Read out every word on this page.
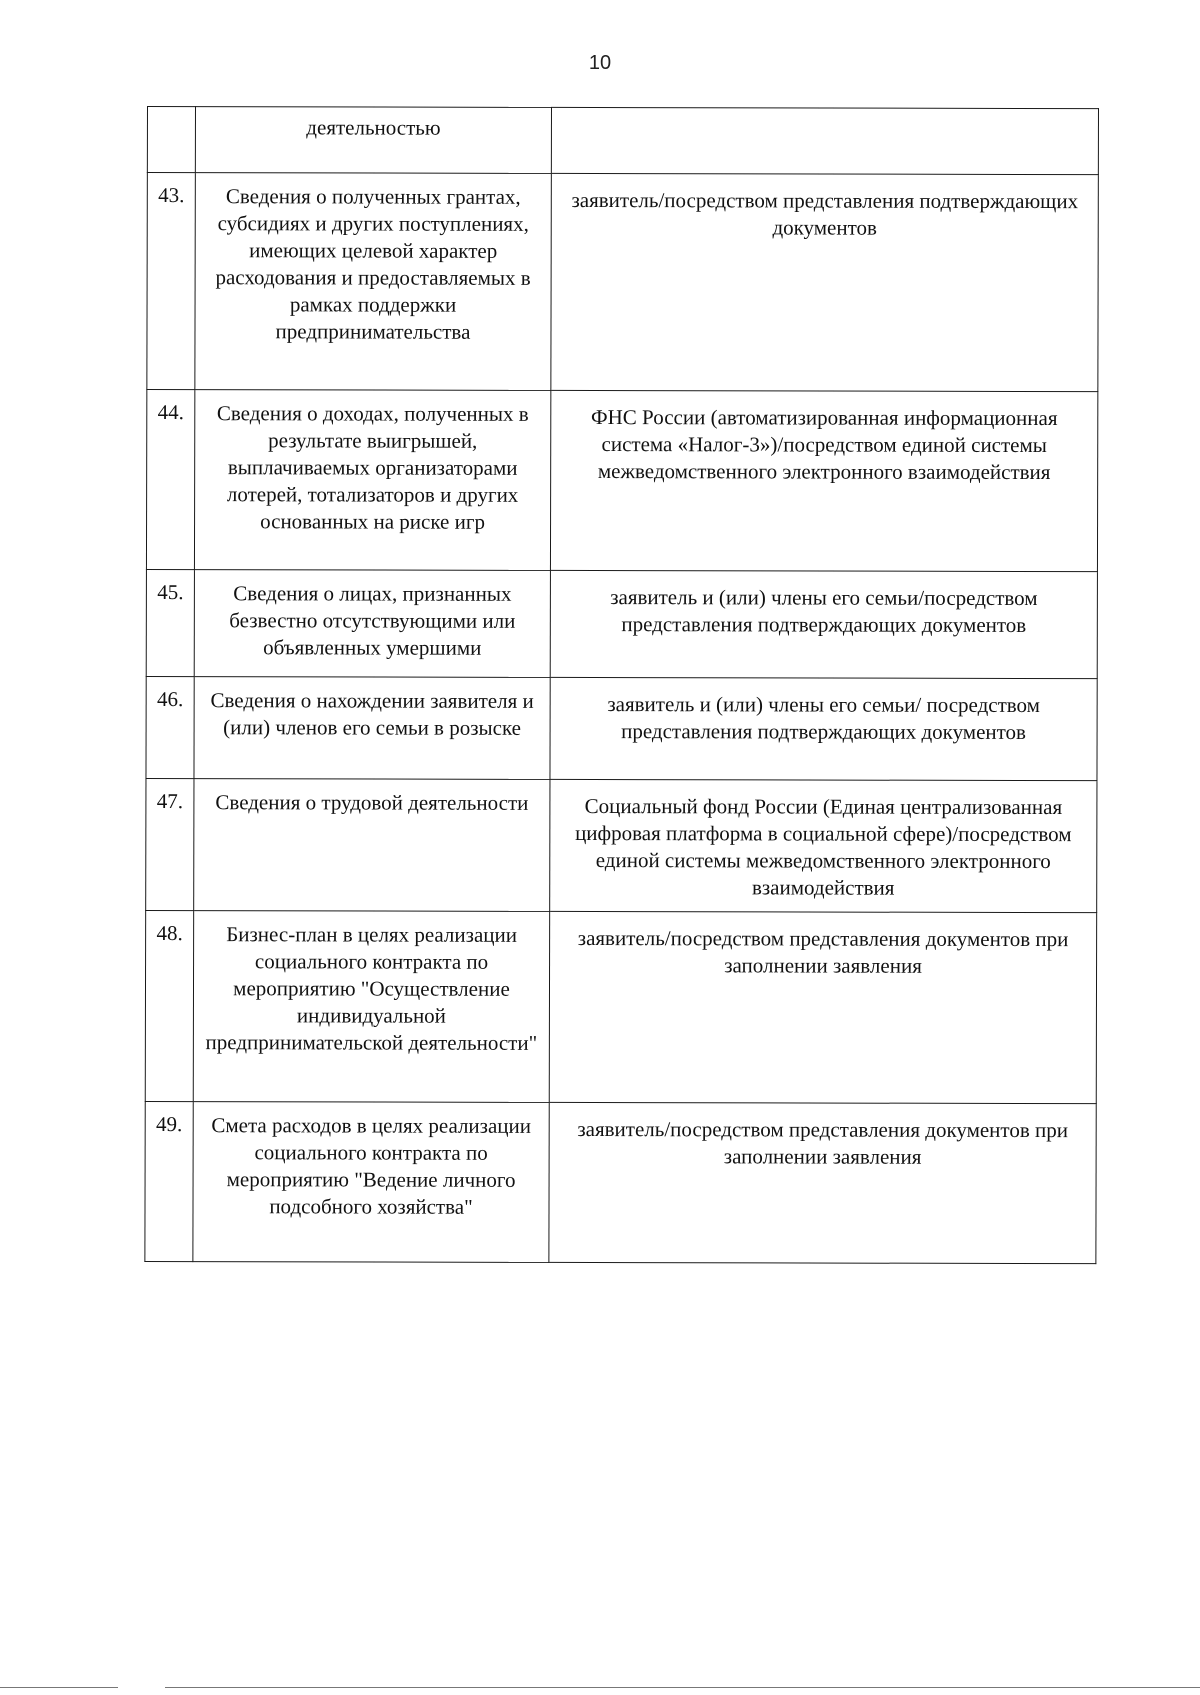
10
	деятельностью	
43.	Сведения о полученных грантах, субсидиях и других поступлениях, имеющих целевой характер расходования и предоставляемых в рамках поддержки предпринимательства	заявитель/посредством представления подтверждающих документов
44.	Сведения о доходах, полученных в результате выигрышей, выплачиваемых организаторами лотерей, тотализаторов и других основанных на риске игр	ФНС России (автоматизированная информационная система «Налог-3»)/посредством единой системы межведомственного электронного взаимодействия
45.	Сведения о лицах, признанных безвестно отсутствующими или объявленных умершими	заявитель и (или) члены его семьи/посредством представления подтверждающих документов
46.	Сведения о нахождении заявителя и (или) членов его семьи в розыске	заявитель и (или) члены его семьи/ посредством представления подтверждающих документов
47.	Сведения о трудовой деятельности	Социальный фонд России (Единая централизованная цифровая платформа в социальной сфере)/посредством единой системы межведомственного электронного взаимодействия
48.	Бизнес-план в целях реализации социального контракта по мероприятию "Осуществление индивидуальной предпринимательской деятельности"	заявитель/посредством представления документов при заполнении заявления
49.	Смета расходов в целях реализации социального контракта по мероприятию "Ведение личного подсобного хозяйства"	заявитель/посредством представления документов при заполнении заявления
